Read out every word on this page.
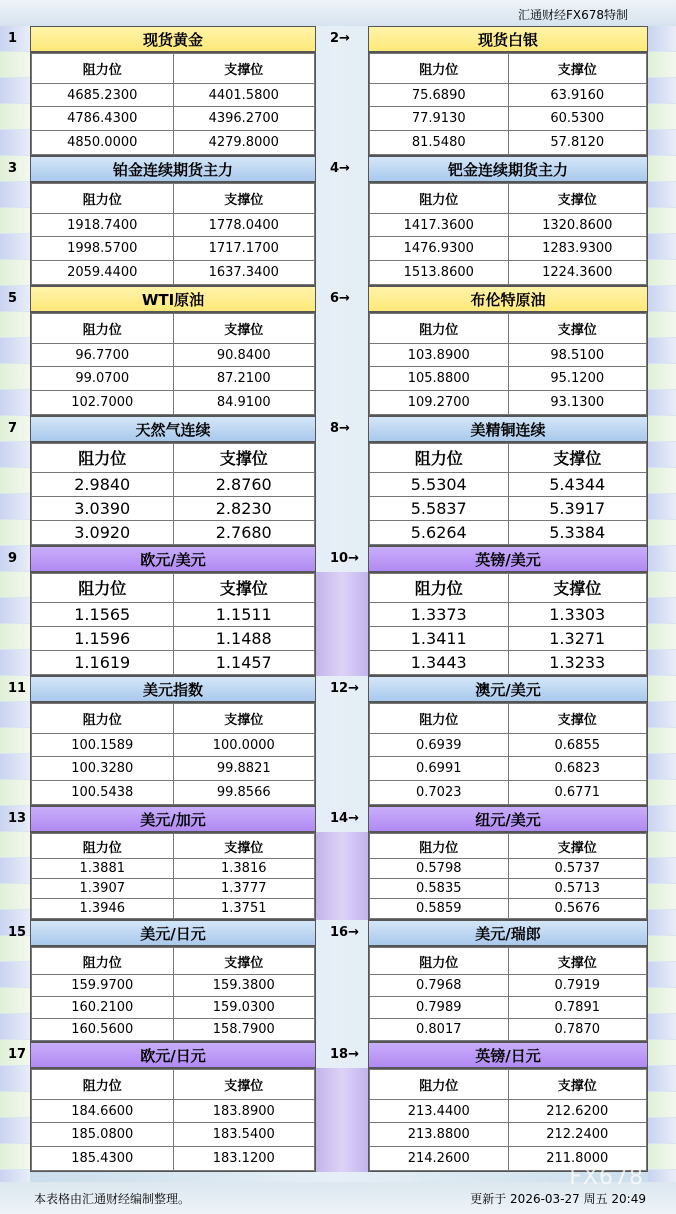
汇通财经FX678特制
现货黄金
阻力位	支撑位
4685.2300	4401.5800
4786.4300	4396.2700
4850.0000	4279.8000
1	现货白银
阻力位	支撑位
75.6890	63.9160
77.9130	60.5300
81.5480	57.8120
2→
铂金连续期货主力
阻力位	支撑位
1918.7400	1778.0400
1998.5700	1717.1700
2059.4400	1637.3400
3	钯金连续期货主力
阻力位	支撑位
1417.3600	1320.8600
1476.9300	1283.9300
1513.8600	1224.3600
4→
WTI原油
阻力位	支撑位
96.7700	90.8400
99.0700	87.2100
102.7000	84.9100
5	布伦特原油
阻力位	支撑位
103.8900	98.5100
105.8800	95.1200
109.2700	93.1300
6→
天然气连续
阻力位	支撑位
2.9840	2.8760
3.0390	2.8230
3.0920	2.7680
7	美精铜连续
阻力位	支撑位
5.5304	5.4344
5.5837	5.3917
5.6264	5.3384
8→
欧元/美元
阻力位	支撑位
1.1565	1.1511
1.1596	1.1488
1.1619	1.1457
9	英镑/美元
阻力位	支撑位
1.3373	1.3303
1.3411	1.3271
1.3443	1.3233
10→
美元指数
阻力位	支撑位
100.1589	100.0000
100.3280	99.8821
100.5438	99.8566
11	澳元/美元
阻力位	支撑位
0.6939	0.6855
0.6991	0.6823
0.7023	0.6771
12→
美元/加元
阻力位	支撑位
1.3881	1.3816
1.3907	1.3777
1.3946	1.3751
13	纽元/美元
阻力位	支撑位
0.5798	0.5737
0.5835	0.5713
0.5859	0.5676
14→
美元/日元
阻力位	支撑位
159.9700	159.3800
160.2100	159.0300
160.5600	158.7900
15	美元/瑞郎
阻力位	支撑位
0.7968	0.7919
0.7989	0.7891
0.8017	0.7870
16→
欧元/日元
阻力位	支撑位
184.6600	183.8900
185.0800	183.5400
185.4300	183.1200
17	英镑/日元
阻力位	支撑位
213.4400	212.6200
213.8800	212.2400
214.2600	211.8000
18→
本表格由汇通财经编制整理。	更新于 2026-03-27 周五 20:49
FX678
